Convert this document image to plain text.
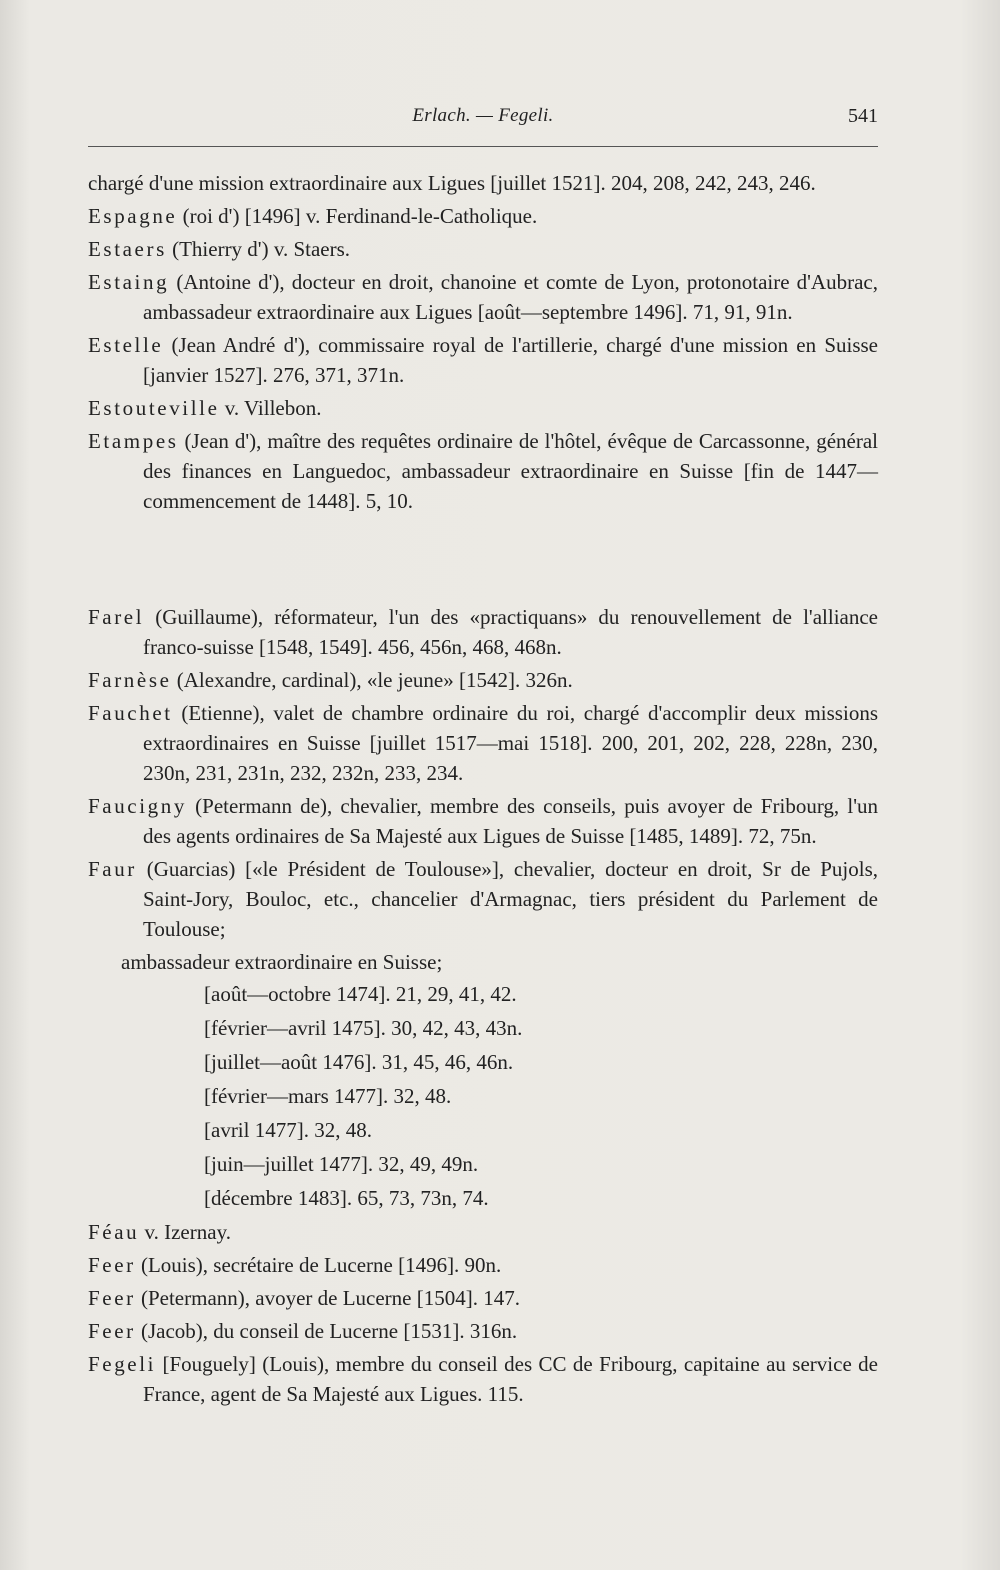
Erlach. — Fegeli.	541

chargé d'une mission extraordinaire aux Ligues [juillet 1521]. 204, 208, 242, 243, 246.

Espagne (roi d') [1496] v. Ferdinand-le-Catholique.

Estaers (Thierry d') v. Staers.

Estaing (Antoine d'), docteur en droit, chanoine et comte de Lyon, protonotaire d'Aubrac, ambassadeur extraordinaire aux Ligues [août—septembre 1496]. 71, 91, 91n.

Estelle (Jean André d'), commissaire royal de l'artillerie, chargé d'une mission en Suisse [janvier 1527]. 276, 371, 371n.

Estouteville v. Villebon.

Etampes (Jean d'), maître des requêtes ordinaire de l'hôtel, évêque de Carcassonne, général des finances en Languedoc, ambassadeur extraordinaire en Suisse [fin de 1447—commencement de 1448]. 5, 10.

Farel (Guillaume), réformateur, l'un des «practiquans» du renouvellement de l'alliance franco-suisse [1548, 1549]. 456, 456n, 468, 468n.

Farnèse (Alexandre, cardinal), «le jeune» [1542]. 326n.

Fauchet (Etienne), valet de chambre ordinaire du roi, chargé d'accomplir deux missions extraordinaires en Suisse [juillet 1517—mai 1518]. 200, 201, 202, 228, 228n, 230, 230n, 231, 231n, 232, 232n, 233, 234.

Faucigny (Petermann de), chevalier, membre des conseils, puis avoyer de Fribourg, l'un des agents ordinaires de Sa Majesté aux Ligues de Suisse [1485, 1489]. 72, 75n.

Faur (Guarcias) [«le Président de Toulouse»], chevalier, docteur en droit, Sr de Pujols, Saint-Jory, Bouloc, etc., chancelier d'Armagnac, tiers président du Parlement de Toulouse;

ambassadeur extraordinaire en Suisse;

[août—octobre 1474]. 21, 29, 41, 42.
[février—avril 1475]. 30, 42, 43, 43n.
[juillet—août 1476]. 31, 45, 46, 46n.
[février—mars 1477]. 32, 48.
[avril 1477]. 32, 48.
[juin—juillet 1477]. 32, 49, 49n.
[décembre 1483]. 65, 73, 73n, 74.

Féau v. Izernay.

Feer (Louis), secrétaire de Lucerne [1496]. 90n.

Feer (Petermann), avoyer de Lucerne [1504]. 147.

Feer (Jacob), du conseil de Lucerne [1531]. 316n.

Fegeli [Fouguely] (Louis), membre du conseil des CC de Fribourg, capitaine au service de France, agent de Sa Majesté aux Ligues. 115.
